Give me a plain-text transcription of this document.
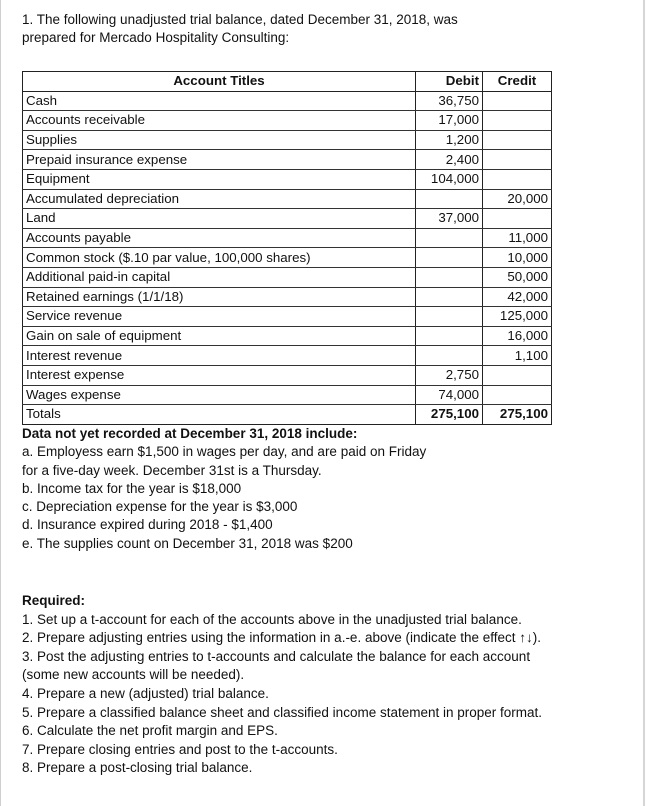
1. The following unadjusted trial balance, dated December 31, 2018, was

prepared for Mercado Hospitality Consulting:

Account Titles	Debit	Credit
Cash	36,750	
Accounts receivable	17,000	
Supplies	1,200	
Prepaid insurance expense	2,400	
Equipment	104,000	
Accumulated depreciation		20,000
Land	37,000	
Accounts payable		11,000
Common stock ($.10 par value, 100,000 shares)		10,000
Additional paid-in capital		50,000
Retained earnings (1/1/18)		42,000
Service revenue		125,000
Gain on sale of equipment		16,000
Interest revenue		1,100
Interest expense	2,750	
Wages expense	74,000	
Totals	275,100	275,100

Data not yet recorded at December 31, 2018 include:

a. Employess earn $1,500 in wages per day, and are paid on Friday

for a five-day week. December 31st is a Thursday.

b. Income tax for the year is $18,000

c. Depreciation expense for the year is $3,000

d. Insurance expired during 2018 - $1,400

e. The supplies count on December 31, 2018 was $200

Required:

1. Set up a t-account for each of the accounts above in the unadjusted trial balance.

2. Prepare adjusting entries using the information in a.-e. above (indicate the effect ↑↓).

3. Post the adjusting entries to t-accounts and calculate the balance for each account

(some new accounts will be needed).

4. Prepare a new (adjusted) trial balance.

5. Prepare a classified balance sheet and classified income statement in proper format.

6. Calculate the net profit margin and EPS.

7. Prepare closing entries and post to the t-accounts.

8. Prepare a post-closing trial balance.
